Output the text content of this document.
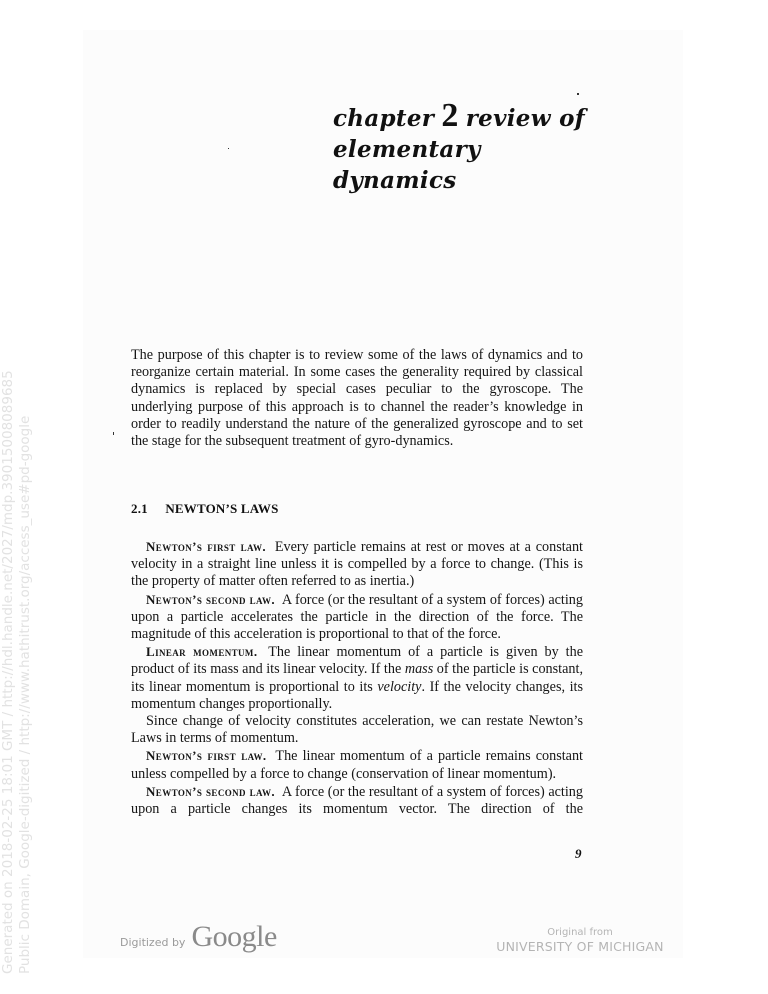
chapter 2 review of
elementary dynamics

The purpose of this chapter is to review some of the laws of dynamics and to reorganize certain material. In some cases the generality required by classical dynamics is replaced by special cases peculiar to the gyroscope. The underlying purpose of this approach is to channel the reader’s knowledge in order to readily understand the nature of the generalized gyroscope and to set the stage for the subsequent treatment of gyro-dynamics.

2.1 NEWTON’S LAWS

Newton’s first law. Every particle remains at rest or moves at a constant velocity in a straight line unless it is compelled by a force to change. (This is the property of matter often referred to as inertia.)

Newton’s second law. A force (or the resultant of a system of forces) acting upon a particle accelerates the particle in the direction of the force. The magnitude of this acceleration is proportional to that of the force.

Linear momentum. The linear momentum of a particle is given by the product of its mass and its linear velocity. If the mass of the particle is constant, its linear momentum is proportional to its velocity. If the velocity changes, its momentum changes proportionally.

Since change of velocity constitutes acceleration, we can restate Newton’s Laws in terms of momentum.

Newton’s first law. The linear momentum of a particle remains constant unless compelled by a force to change (conservation of linear momentum).

Newton’s second law. A force (or the resultant of a system of forces) acting upon a particle changes its momentum vector. The direction of the

9
Generated on 2018-02-25 18:01 GMT / http://hdl.handle.net/2027/mdp.39015008089685 Public Domain, Google-digitized / http://www.hathitrust.org/access_use#pd-google	Digitized by Google	Original from
UNIVERSITY OF MICHIGAN
